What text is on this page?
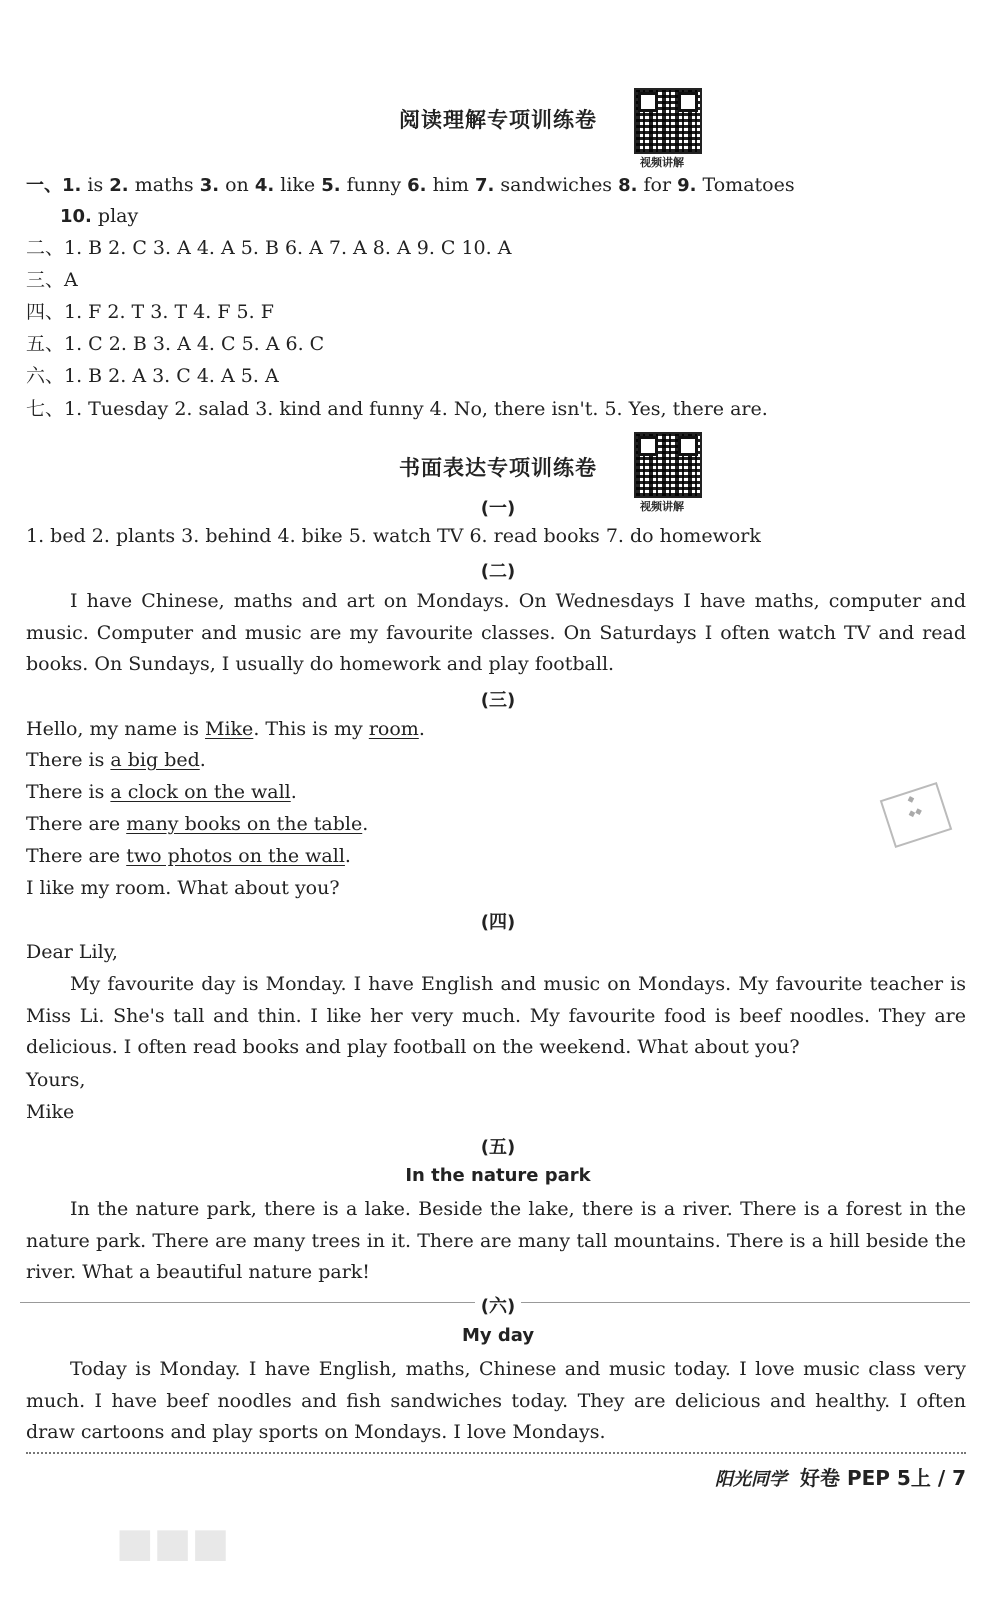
阅读理解专项训练卷
视频讲解
一、1. is 2. maths 3. on 4. like 5. funny 6. him 7. sandwiches 8. for 9. Tomatoes
10. play
二、1. B 2. C 3. A 4. A 5. B 6. A 7. A 8. A 9. C 10. A
三、A
四、1. F 2. T 3. T 4. F 5. F
五、1. C 2. B 3. A 4. C 5. A 6. C
六、1. B 2. A 3. C 4. A 5. A
七、1. Tuesday 2. salad 3. kind and funny 4. No, there isn't. 5. Yes, there are.
书面表达专项训练卷
视频讲解
(一)
1. bed 2. plants 3. behind 4. bike 5. watch TV 6. read books 7. do homework
(二)
I have Chinese, maths and art on Mondays. On Wednesdays I have maths, computer and music. Computer and music are my favourite classes. On Saturdays I often watch TV and read books. On Sundays, I usually do homework and play football.
(三)
Hello, my name is Mike. This is my room.
There is a big bed.
There is a clock on the wall.
There are many books on the table.
There are two photos on the wall.
I like my room. What about you?
◆
◆◆
(四)
Dear Lily,
My favourite day is Monday. I have English and music on Mondays. My favourite teacher is Miss Li. She's tall and thin. I like her very much. My favourite food is beef noodles. They are delicious. I often read books and play football on the weekend. What about you?
Yours,
Mike
(五)
In the nature park
In the nature park, there is a lake. Beside the lake, there is a river. There is a forest in the nature park. There are many trees in it. There are many tall mountains. There is a hill beside the river. What a beautiful nature park!
(六)
My day
Today is Monday. I have English, maths, Chinese and music today. I love music class very much. I have beef noodles and fish sandwiches today. They are delicious and healthy. I often draw cartoons and play sports on Mondays. I love Mondays.
阳光同学 好卷 PEP 5上 / 7
■■■
